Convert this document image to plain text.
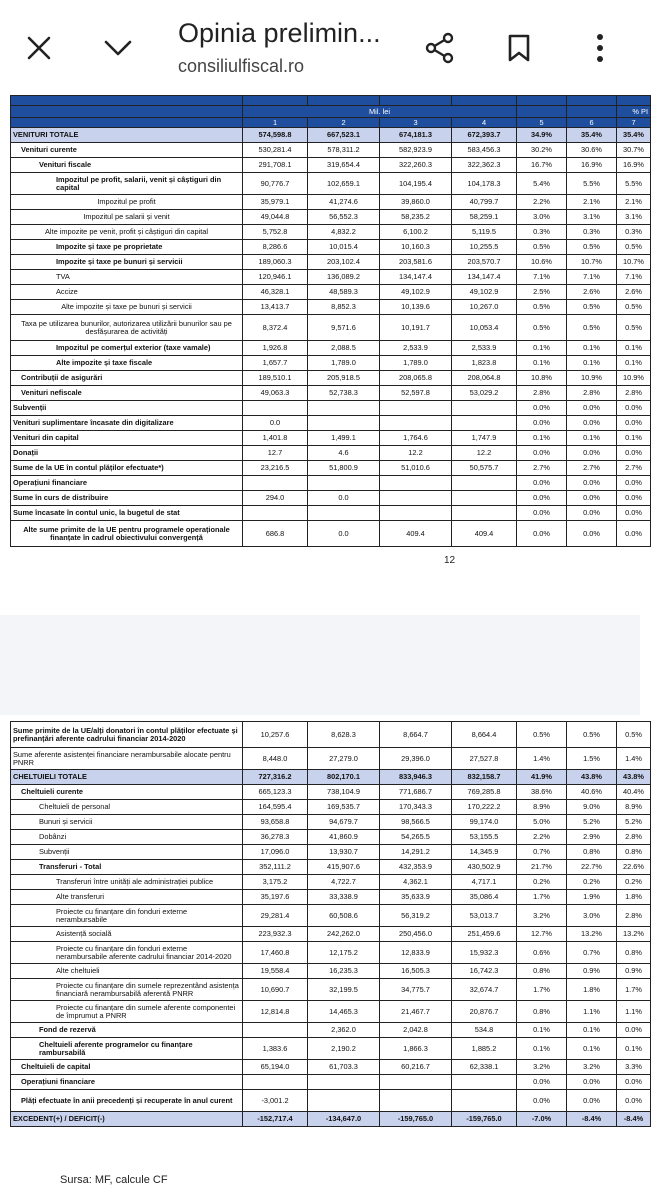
Opinia prelimin...
consiliulfiscal.ro

	Mil. lei						% PI
	1	2	3	4	5	6	7
VENITURI TOTALE	574,598.8	667,523.1	674,181.3	672,393.7	34.9%	35.4%	35.4%
Venituri curente	530,281.4	578,311.2	582,923.9	583,456.3	30.2%	30.6%	30.7%
Venituri fiscale	291,708.1	319,654.4	322,260.3	322,362.3	16.7%	16.9%	16.9%
Impozitul pe profit, salarii, venit și câștiguri din capital	90,776.7	102,659.1	104,195.4	104,178.3	5.4%	5.5%	5.5%
Impozitul pe profit	35,979.1	41,274.6	39,860.0	40,799.7	2.2%	2.1%	2.1%
Impozitul pe salarii și venit	49,044.8	56,552.3	58,235.2	58,259.1	3.0%	3.1%	3.1%
Alte impozite pe venit, profit și câștiguri din capital	5,752.8	4,832.2	6,100.2	5,119.5	0.3%	0.3%	0.3%
Impozite și taxe pe proprietate	8,286.6	10,015.4	10,160.3	10,255.5	0.5%	0.5%	0.5%
Impozite și taxe pe bunuri și servicii	189,060.3	203,102.4	203,581.6	203,570.7	10.6%	10.7%	10.7%
TVA	120,946.1	136,089.2	134,147.4	134,147.4	7.1%	7.1%	7.1%
Accize	46,328.1	48,589.3	49,102.9	49,102.9	2.5%	2.6%	2.6%
Alte impozite și taxe pe bunuri și servicii	13,413.7	8,852.3	10,139.6	10,267.0	0.5%	0.5%	0.5%
Taxa pe utilizarea bunurilor, autorizarea utilizării bunurilor sau pe desfășurarea de activități	8,372.4	9,571.6	10,191.7	10,053.4	0.5%	0.5%	0.5%
Impozitul pe comerțul exterior (taxe vamale)	1,926.8	2,088.5	2,533.9	2,533.9	0.1%	0.1%	0.1%
Alte impozite și taxe fiscale	1,657.7	1,789.0	1,789.0	1,823.8	0.1%	0.1%	0.1%
Contribuții de asigurări	189,510.1	205,918.5	208,065.8	208,064.8	10.8%	10.9%	10.9%
Venituri nefiscale	49,063.3	52,738.3	52,597.8	53,029.2	2.8%	2.8%	2.8%
Subvenții					0.0%	0.0%	0.0%
Venituri suplimentare încasate din digitalizare	0.0				0.0%	0.0%	0.0%
Venituri din capital	1,401.8	1,499.1	1,764.6	1,747.9	0.1%	0.1%	0.1%
Donații	12.7	4.6	12.2	12.2	0.0%	0.0%	0.0%
Sume de la UE în contul plăților efectuate*)	23,216.5	51,800.9	51,010.6	50,575.7	2.7%	2.7%	2.7%
Operațiuni financiare					0.0%	0.0%	0.0%
Sume în curs de distribuire	294.0	0.0			0.0%	0.0%	0.0%
Sume încasate în contul unic, la bugetul de stat					0.0%	0.0%	0.0%
Alte sume primite de la UE pentru programele operaționale finanțate în cadrul obiectivului convergență	686.8	0.0	409.4	409.4	0.0%	0.0%	0.0%
12
Sume primite de la UE/alți donatori în contul plăților efectuate și prefinanțări aferente cadrului financiar 2014-2020	10,257.6	8,628.3	8,664.7	8,664.4	0.5%	0.5%	0.5%
Sume aferente asistenței financiare nerambursabile alocate pentru PNRR	8,448.0	27,279.0	29,396.0	27,527.8	1.4%	1.5%	1.4%
CHELTUIELI TOTALE	727,316.2	802,170.1	833,946.3	832,158.7	41.9%	43.8%	43.8%
Cheltuieli curente	665,123.3	738,104.9	771,686.7	769,285.8	38.6%	40.6%	40.4%
Cheltuieli de personal	164,595.4	169,535.7	170,343.3	170,222.2	8.9%	9.0%	8.9%
Bunuri și servicii	93,658.8	94,679.7	98,566.5	99,174.0	5.0%	5.2%	5.2%
Dobânzi	36,278.3	41,860.9	54,265.5	53,155.5	2.2%	2.9%	2.8%
Subvenții	17,096.0	13,930.7	14,291.2	14,345.9	0.7%	0.8%	0.8%
Transferuri - Total	352,111.2	415,907.6	432,353.9	430,502.9	21.7%	22.7%	22.6%
Transferuri între unități ale administrației publice	3,175.2	4,722.7	4,362.1	4,717.1	0.2%	0.2%	0.2%
Alte transferuri	35,197.6	33,338.9	35,633.9	35,086.4	1.7%	1.9%	1.8%
Proiecte cu finanțare din fonduri externe nerambursabile	29,281.4	60,508.6	56,319.2	53,013.7	3.2%	3.0%	2.8%
Asistență socială	223,932.3	242,262.0	250,456.0	251,459.6	12.7%	13.2%	13.2%
Proiecte cu finanțare din fonduri externe nerambursabile aferente cadrului financiar 2014-2020	17,460.8	12,175.2	12,833.9	15,932.3	0.6%	0.7%	0.8%
Alte cheltuieli	19,558.4	16,235.3	16,505.3	16,742.3	0.8%	0.9%	0.9%
Proiecte cu finanțare din sumele reprezentând asistența financiară nerambursabilă aferentă PNRR	10,690.7	32,199.5	34,775.7	32,674.7	1.7%	1.8%	1.7%
Proiecte cu finanțare din sumele aferente componentei de împrumut a PNRR	12,814.8	14,465.3	21,467.7	20,876.7	0.8%	1.1%	1.1%
Fond de rezervă		2,362.0	2,042.8	534.8	0.1%	0.1%	0.0%
Cheltuieli aferente programelor cu finanțare rambursabilă	1,383.6	2,190.2	1,866.3	1,885.2	0.1%	0.1%	0.1%
Cheltuieli de capital	65,194.0	61,703.3	60,216.7	62,338.1	3.2%	3.2%	3.3%
Operațiuni financiare					0.0%	0.0%	0.0%
Plăți efectuate în anii precedenți și recuperate în anul curent	-3,001.2				0.0%	0.0%	0.0%
EXCEDENT(+) / DEFICIT(-)	-152,717.4	-134,647.0	-159,765.0	-159,765.0	-7.0%	-8.4%	-8.4%
Sursa: MF, calcule CF
